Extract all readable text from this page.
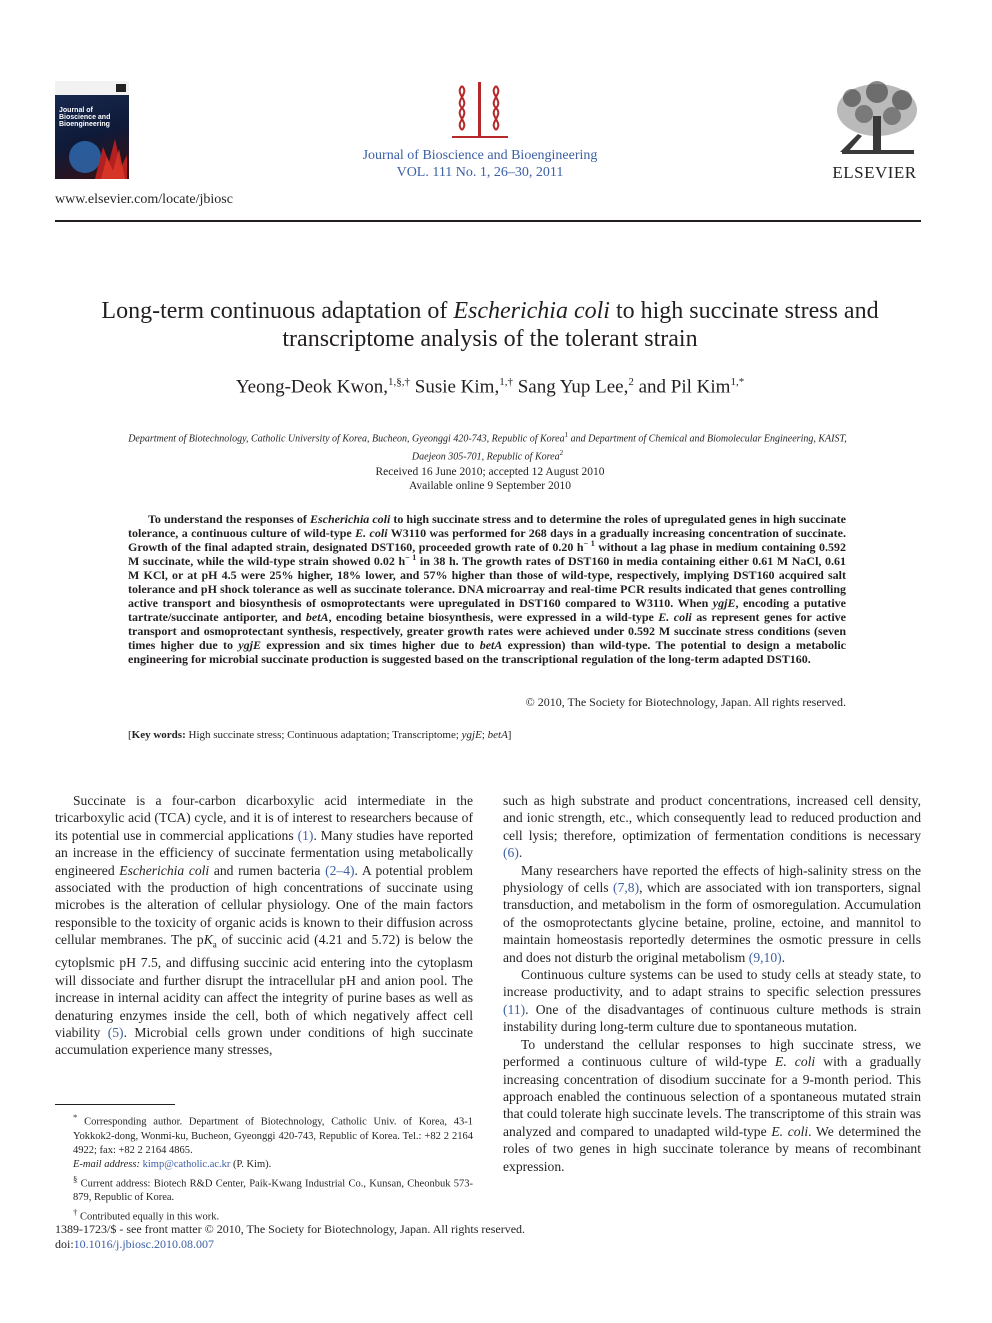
Journal of Bioscience and Bioengineering
Journal of Bioscience and Bioengineering
VOL. 111 No. 1, 26–30, 2011	ELSEVIER
www.elsevier.com/locate/jbiosc
Long-term continuous adaptation of Escherichia coli to high succinate stress and transcriptome analysis of the tolerant strain
Yeong-Deok Kwon,$^{1,\S,\dagger}$ Susie Kim,$^{1,\dagger}$ Sang Yup Lee,$^2$ and Pil Kim$^{1,*}$
Department of Biotechnology, Catholic University of Korea, Bucheon, Gyeonggi 420-743, Republic of Korea$^1$ and Department of Chemical and Biomolecular Engineering, KAIST, Daejeon 305-701, Republic of Korea$^2$
Received 16 June 2010; accepted 12 August 2010
Available online 9 September 2010
To understand the responses of Escherichia coli to high succinate stress and to determine the roles of upregulated genes in high succinate tolerance, a continuous culture of wild-type E. coli W3110 was performed for 268 days in a gradually increasing concentration of succinate. Growth of the final adapted strain, designated DST160, proceeded growth rate of 0.20 $h^{- 1}$ without a lag phase in medium containing 0.592 M succinate, while the wild-type strain showed 0.02 $h^{- 1}$ in 38 h. The growth rates of DST160 in media containing either 0.61 M NaCl, 0.61 M KCl, or at pH 4.5 were 25% higher, 18% lower, and 57% higher than those of wild-type, respectively, implying DST160 acquired salt tolerance and pH shock tolerance as well as succinate tolerance. DNA microarray and real-time PCR results indicated that genes controlling active transport and biosynthesis of osmoprotectants were upregulated in DST160 compared to W3110. When ygjE, encoding a putative tartrate/succinate antiporter, and betA, encoding betaine biosynthesis, were expressed in a wild-type E. coli as represent genes for active transport and osmoprotectant synthesis, respectively, greater growth rates were achieved under 0.592 M succinate stress conditions (seven times higher due to ygjE expression and six times higher due to betA expression) than wild-type. The potential to design a metabolic engineering for microbial succinate production is suggested based on the transcriptional regulation of the long-term adapted DST160.
© 2010, The Society for Biotechnology, Japan. All rights reserved.
[Key words: High succinate stress; Continuous adaptation; Transcriptome; ygjE; betA]

Succinate is a four-carbon dicarboxylic acid intermediate in the tricarboxylic acid (TCA) cycle, and it is of interest to researchers because of its potential use in commercial applications (1). Many studies have reported an increase in the efficiency of succinate fermentation using metabolically engineered Escherichia coli and rumen bacteria (2–4). A potential problem associated with the production of high concentrations of succinate using microbes is the alteration of cellular physiology. One of the main factors responsible to the toxicity of organic acids is known to their diffusion across cellular membranes. The $pK_a$ of succinic acid (4.21 and 5.72) is below the cytoplsmic pH 7.5, and diffusing succinic acid entering into the cytoplasm will dissociate and further disrupt the intracellular pH and anion pool. The increase in internal acidity can affect the integrity of purine bases as well as denaturing enzymes inside the cell, both of which negatively affect cell viability (5). Microbial cells grown under conditions of high succinate accumulation experience many stresses,

* Corresponding author. Department of Biotechnology, Catholic Univ. of Korea, 43-1 Yokkok2-dong, Wonmi-ku, Bucheon, Gyeonggi 420-743, Republic of Korea. Tel.: +82 2 2164 4922; fax: +82 2 2164 4865.

E-mail address: kimp@catholic.ac.kr (P. Kim).

§ Current address: Biotech R&D Center, Paik-Kwang Industrial Co., Kunsan, Cheonbuk 573-879, Republic of Korea.

† Contributed equally in this work.

1389-1723/$ - see front matter © 2010, The Society for Biotechnology, Japan. All rights reserved.
doi:10.1016/j.jbiosc.2010.08.007

such as high substrate and product concentrations, increased cell density, and ionic strength, etc., which consequently lead to reduced production and cell lysis; therefore, optimization of fermentation conditions is necessary (6).

Many researchers have reported the effects of high-salinity stress on the physiology of cells (7,8), which are associated with ion transporters, signal transduction, and metabolism in the form of osmoregulation. Accumulation of the osmoprotectants glycine betaine, proline, ectoine, and mannitol to maintain homeostasis reportedly determines the osmotic pressure in cells and does not disturb the original metabolism (9,10).

Continuous culture systems can be used to study cells at steady state, to increase productivity, and to adapt strains to specific selection pressures (11). One of the disadvantages of continuous culture methods is strain instability during long-term culture due to spontaneous mutation.

To understand the cellular responses to high succinate stress, we performed a continuous culture of wild-type E. coli with a gradually increasing concentration of disodium succinate for a 9-month period. This approach enabled the continuous selection of a spontaneous mutated strain that could tolerate high succinate levels. The transcriptome of this strain was analyzed and compared to unadapted wild-type E. coli. We determined the roles of two genes in high succinate tolerance by means of recombinant expression.
